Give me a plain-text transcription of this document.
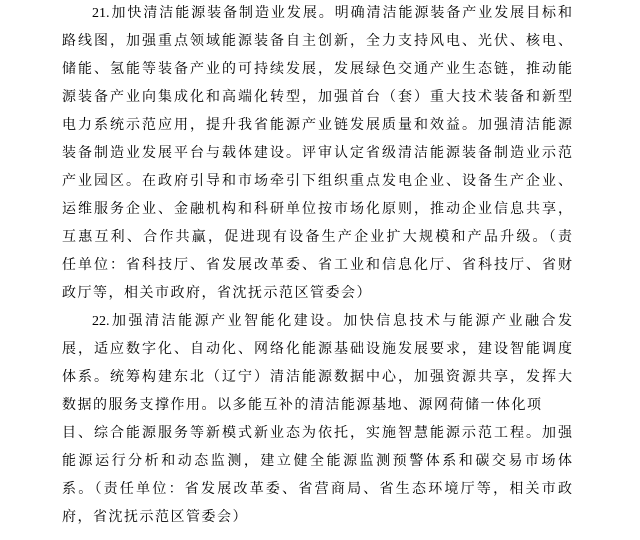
21.加快清洁能源装备制造业发展。明确清洁能源装备产业发展目标和
路线图，加强重点领域能源装备自主创新，全力支持风电、光伏、核电、
储能、氢能等装备产业的可持续发展，发展绿色交通产业生态链，推动能
源装备产业向集成化和高端化转型，加强首台（套）重大技术装备和新型
电力系统示范应用，提升我省能源产业链发展质量和效益。加强清洁能源
装备制造业发展平台与载体建设。评审认定省级清洁能源装备制造业示范
产业园区。在政府引导和市场牵引下组织重点发电企业、设备生产企业、
运维服务企业、金融机构和科研单位按市场化原则，推动企业信息共享，
互惠互利、合作共赢，促进现有设备生产企业扩大规模和产品升级。（责
任单位：省科技厅、省发展改革委、省工业和信息化厅、省科技厅、省财
政厅等，相关市政府，省沈抚示范区管委会）
22.加强清洁能源产业智能化建设。加快信息技术与能源产业融合发
展，适应数字化、自动化、网络化能源基础设施发展要求，建设智能调度
体系。统筹构建东北（辽宁）清洁能源数据中心，加强资源共享，发挥大
数据的服务支撑作用。以多能互补的清洁能源基地、源网荷储一体化项
目、综合能源服务等新模式新业态为依托，实施智慧能源示范工程。加强
能源运行分析和动态监测，建立健全能源监测预警体系和碳交易市场体
系。（责任单位：省发展改革委、省营商局、省生态环境厅等，相关市政
府，省沈抚示范区管委会）
